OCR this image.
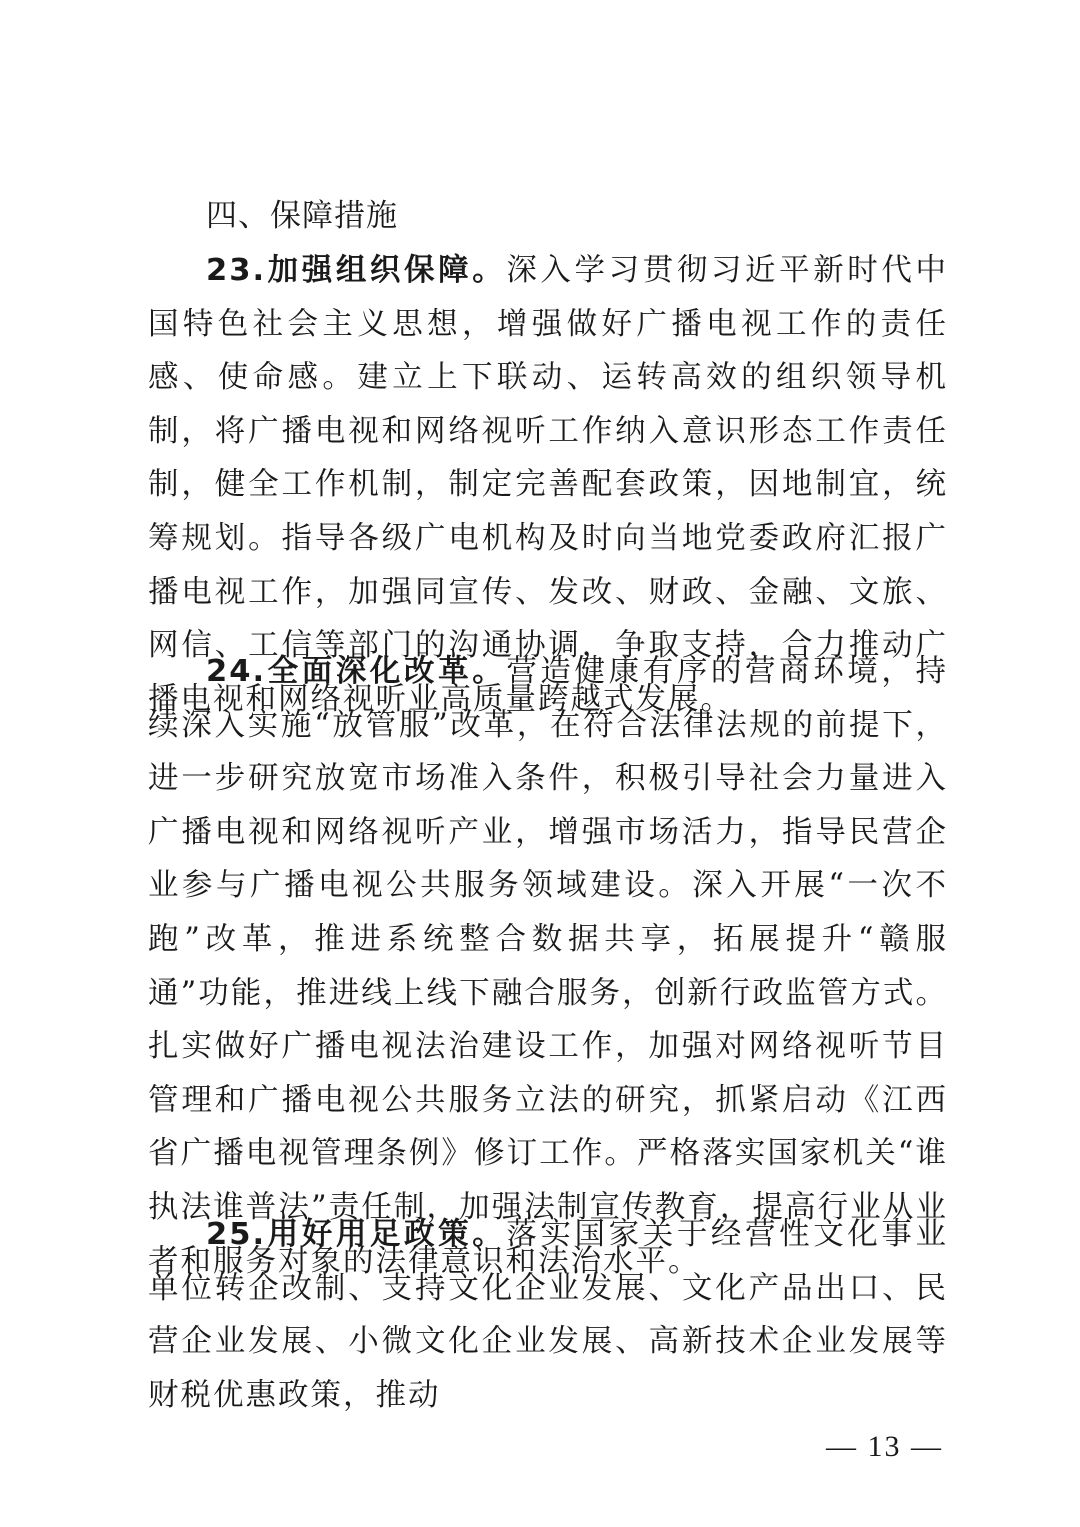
四、保障措施

23.加强组织保障。深入学习贯彻习近平新时代中国特色社会主义思想，增强做好广播电视工作的责任感、使命感。建立上下联动、运转高效的组织领导机制，将广播电视和网络视听工作纳入意识形态工作责任制，健全工作机制，制定完善配套政策，因地制宜，统筹规划。指导各级广电机构及时向当地党委政府汇报广播电视工作，加强同宣传、发改、财政、金融、文旅、网信、工信等部门的沟通协调，争取支持，合力推动广播电视和网络视听业高质量跨越式发展。

24.全面深化改革。营造健康有序的营商环境，持续深入实施“放管服”改革，在符合法律法规的前提下，进一步研究放宽市场准入条件，积极引导社会力量进入广播电视和网络视听产业，增强市场活力，指导民营企业参与广播电视公共服务领域建设。深入开展“一次不跑”改革，推进系统整合数据共享，拓展提升“赣服通”功能，推进线上线下融合服务，创新行政监管方式。扎实做好广播电视法治建设工作，加强对网络视听节目管理和广播电视公共服务立法的研究，抓紧启动《江西省广播电视管理条例》修订工作。严格落实国家机关“谁执法谁普法”责任制，加强法制宣传教育，提高行业从业者和服务对象的法律意识和法治水平。

25.用好用足政策。落实国家关于经营性文化事业单位转企改制、支持文化企业发展、文化产品出口、民营企业发展、小微文化企业发展、高新技术企业发展等财税优惠政策，推动

— 13 —
